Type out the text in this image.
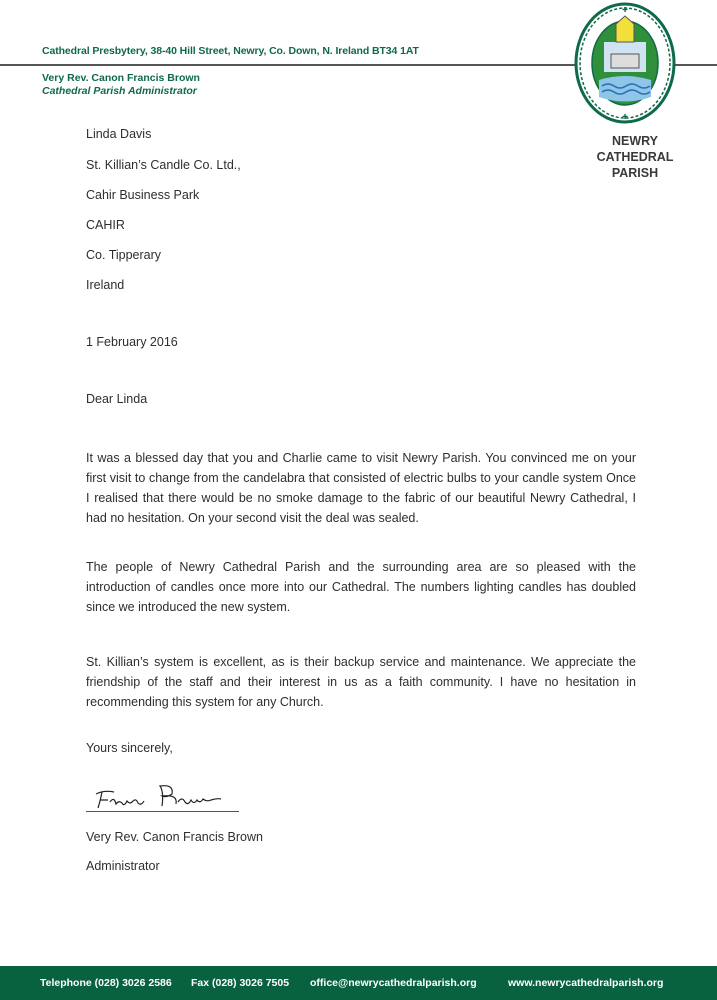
Cathedral Presbytery, 38-40 Hill Street, Newry, Co. Down, N. Ireland BT34 1AT
Very Rev. Canon Francis Brown
Cathedral Parish Administrator
✚
✚
NEWRY
CATHEDRAL
PARISH
Linda Davis
St. Killian’s Candle Co. Ltd.,
Cahir Business Park
CAHIR
Co. Tipperary
Ireland
1 February 2016
Dear Linda
It was a blessed day that you and Charlie came to visit Newry Parish. You convinced me on your first visit to change from the candelabra that consisted of electric bulbs to your candle system Once I realised that there would be no smoke damage to the fabric of our beautiful Newry Cathedral, I had no hesitation. On your second visit the deal was sealed.
The people of Newry Cathedral Parish and the surrounding area are so pleased with the introduction of candles once more into our Cathedral. The numbers lighting candles has doubled since we introduced the new system.
St. Killian’s system is excellent, as is their backup service and maintenance. We appreciate the friendship of the staff and their interest in us as a faith community. I have no hesitation in recommending this system for any Church.
Yours sincerely,
Very Rev. Canon Francis Brown
Administrator
Telephone (028) 3026 2586 Fax (028) 3026 7505 office@newrycathedralparish.org	www.newrycathedralparish.org
